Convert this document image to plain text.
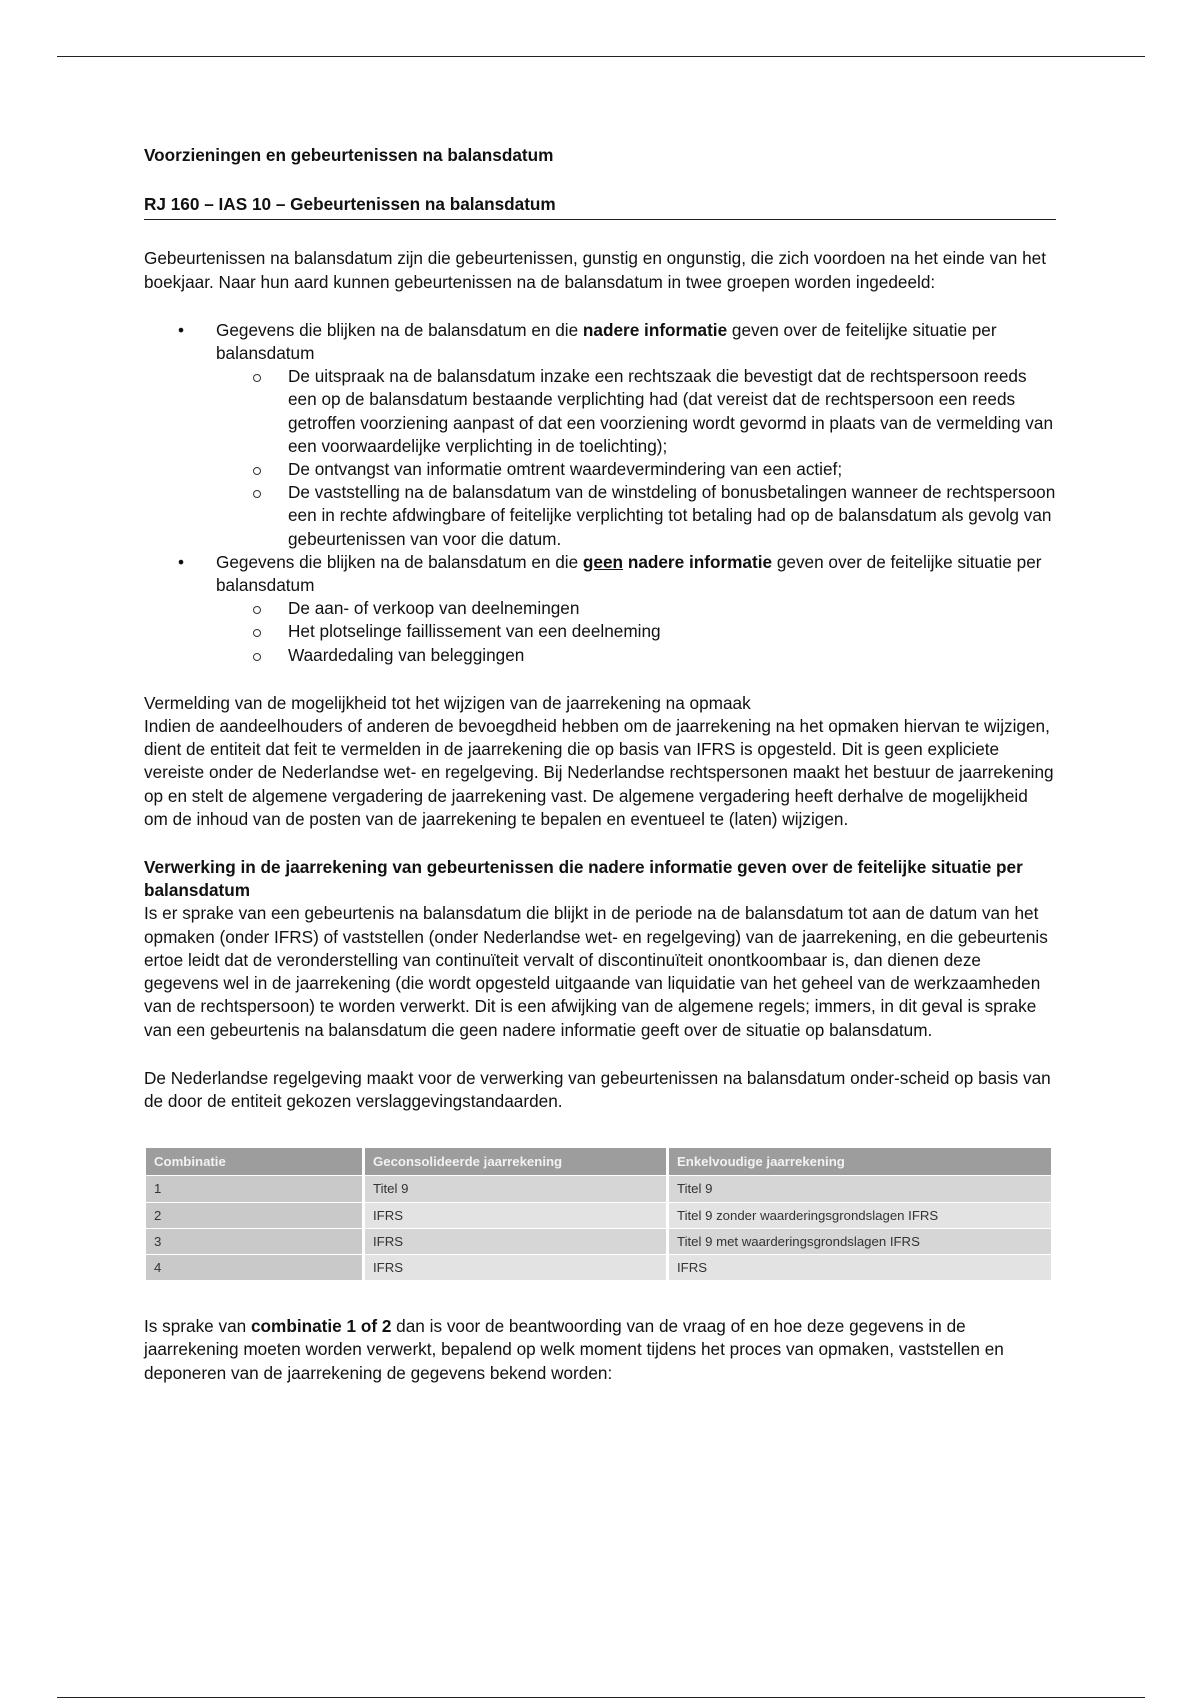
Voorzieningen en gebeurtenissen na balansdatum
RJ 160 – IAS 10 – Gebeurtenissen na balansdatum

Gebeurtenissen na balansdatum zijn die gebeurtenissen, gunstig en ongunstig, die zich voordoen na het einde van het boekjaar. Naar hun aard kunnen gebeurtenissen na de balansdatum in twee groepen worden ingedeeld:

• Gegevens die blijken na de balansdatum en die nadere informatie geven over de feitelijke situatie per balansdatum
De uitspraak na de balansdatum inzake een rechtszaak die bevestigt dat de rechtspersoon reeds een op de balansdatum bestaande verplichting had (dat vereist dat de rechtspersoon een reeds getroffen voorziening aanpast of dat een voorziening wordt gevormd in plaats van de vermelding van een voorwaardelijke verplichting in de toelichting);
De ontvangst van informatie omtrent waardevermindering van een actief;
De vaststelling na de balansdatum van de winstdeling of bonusbetalingen wanneer de rechtspersoon een in rechte afdwingbare of feitelijke verplichting tot betaling had op de balansdatum als gevolg van gebeurtenissen van voor die datum.
• Gegevens die blijken na de balansdatum en die geen nadere informatie geven over de feitelijke situatie per balansdatum
De aan- of verkoop van deelnemingen
Het plotselinge faillissement van een deelneming
Waardedaling van beleggingen

Vermelding van de mogelijkheid tot het wijzigen van de jaarrekening na opmaak

Indien de aandeelhouders of anderen de bevoegdheid hebben om de jaarrekening na het opmaken hiervan te wijzigen, dient de entiteit dat feit te vermelden in de jaarrekening die op basis van IFRS is opgesteld. Dit is geen expliciete vereiste onder de Nederlandse wet- en regelgeving. Bij Nederlandse rechtspersonen maakt het bestuur de jaarrekening op en stelt de algemene vergadering de jaarrekening vast. De algemene vergadering heeft derhalve de mogelijkheid om de inhoud van de posten van de jaarrekening te bepalen en eventueel te (laten) wijzigen.

Verwerking in de jaarrekening van gebeurtenissen die nadere informatie geven over de feitelijke situatie per balansdatum

Is er sprake van een gebeurtenis na balansdatum die blijkt in de periode na de balansdatum tot aan de datum van het opmaken (onder IFRS) of vaststellen (onder Nederlandse wet- en regelgeving) van de jaarrekening, en die gebeurtenis ertoe leidt dat de veronderstelling van continuïteit vervalt of discontinuïteit onontkoombaar is, dan dienen deze gegevens wel in de jaarrekening (die wordt opgesteld uitgaande van liquidatie van het geheel van de werkzaamheden van de rechtspersoon) te worden verwerkt. Dit is een afwijking van de algemene regels; immers, in dit geval is sprake van een gebeurtenis na balansdatum die geen nadere informatie geeft over de situatie op balansdatum.

De Nederlandse regelgeving maakt voor de verwerking van gebeurtenissen na balansdatum onder-scheid op basis van de door de entiteit gekozen verslaggevingstandaarden.

Combinatie	Geconsolideerde jaarrekening	Enkelvoudige jaarrekening
1	Titel 9	Titel 9
2	IFRS	Titel 9 zonder waarderingsgrondslagen IFRS
3	IFRS	Titel 9 met waarderingsgrondslagen IFRS
4	IFRS	IFRS

Is sprake van combinatie 1 of 2 dan is voor de beantwoording van de vraag of en hoe deze gegevens in de jaarrekening moeten worden verwerkt, bepalend op welk moment tijdens het proces van opmaken, vaststellen en deponeren van de jaarrekening de gegevens bekend worden:
